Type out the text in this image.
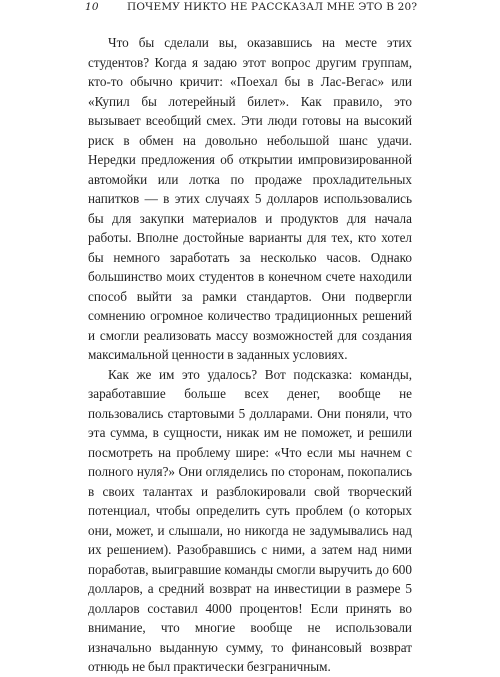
10	ПОЧЕМУ НИКТО НЕ РАССКАЗАЛ МНЕ ЭТО В 20?

Что бы сделали вы, оказавшись на месте этих студентов? Когда я задаю этот вопрос другим группам, кто-то обычно кричит: «Поехал бы в Лас-Вегас» или «Купил бы лотерейный билет». Как правило, это вызывает всеобщий смех. Эти люди готовы на высокий риск в обмен на довольно небольшой шанс удачи. Нередки предложения об открытии импровизированной автомойки или лотка по продаже прохладительных напитков — в этих случаях 5 долларов использовались бы для закупки материалов и продуктов для начала работы. Вполне достойные варианты для тех, кто хотел бы немного заработать за несколько часов. Однако большинство моих студентов в конечном счете находили способ выйти за рамки стандартов. Они подвергли сомнению огромное количество традиционных решений и смогли реализовать массу возможностей для создания максимальной ценности в заданных условиях.

Как же им это удалось? Вот подсказка: команды, заработавшие больше всех денег, вообще не пользовались стартовыми 5 долларами. Они поняли, что эта сумма, в сущности, никак им не поможет, и решили посмотреть на проблему шире: «Что если мы начнем с полного нуля?» Они огляделись по сторонам, покопались в своих талантах и разблокировали свой творческий потенциал, чтобы определить суть проблем (о которых они, может, и слышали, но никогда не задумывались над их решением). Разобравшись с ними, а затем над ними поработав, выигравшие команды смогли выручить до 600 долларов, а средний возврат на инвестиции в размере 5 долларов составил 4000 процентов! Если принять во внимание, что многие вообще не использовали изначально выданную сумму, то финансовый возврат отнюдь не был практически безграничным.
